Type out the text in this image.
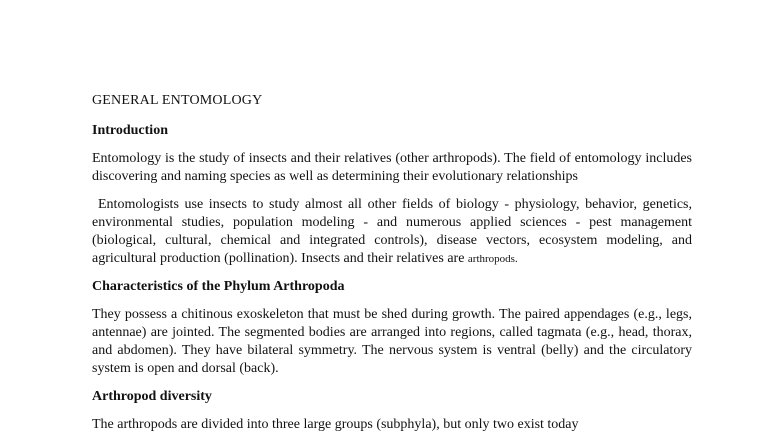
GENERAL ENTOMOLOGY
Introduction

Entomology is the study of insects and their relatives (other arthropods). The field of entomology includes discovering and naming species as well as determining their evolutionary relationships

Entomologists use insects to study almost all other fields of biology - physiology, behavior, genetics, environmental studies, population modeling - and numerous applied sciences - pest management (biological, cultural, chemical and integrated controls), disease vectors, ecosystem modeling, and agricultural production (pollination). Insects and their relatives are arthropods.

Characteristics of the Phylum Arthropoda

They possess a chitinous exoskeleton that must be shed during growth. The paired appendages (e.g., legs, antennae) are jointed. The segmented bodies are arranged into regions, called tagmata (e.g., head, thorax, and abdomen). They have bilateral symmetry. The nervous system is ventral (belly) and the circulatory system is open and dorsal (back).

Arthropod diversity

The arthropods are divided into three large groups (subphyla), but only two exist today
